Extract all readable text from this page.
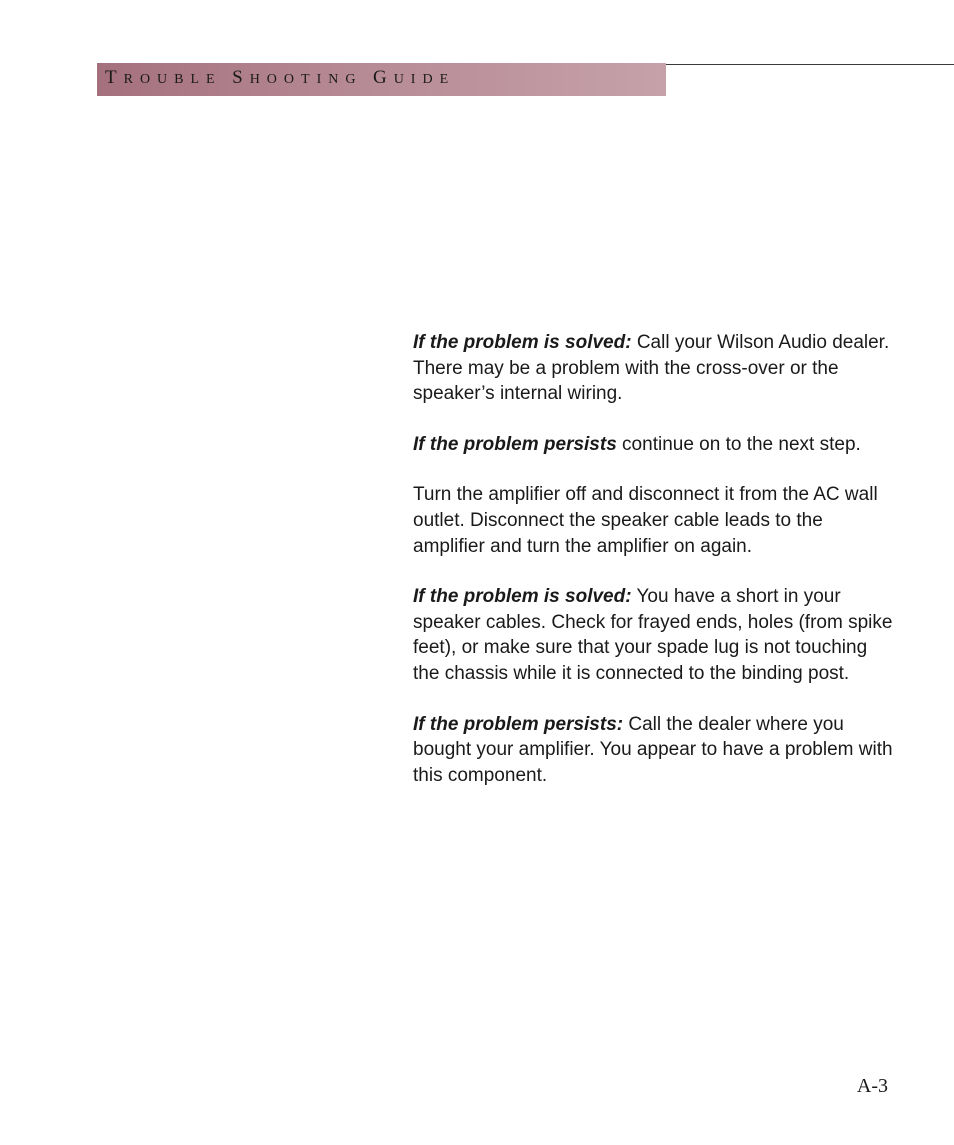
TROUBLE SHOOTING GUIDE

If the problem is solved: Call your Wilson Audio dealer. There may be a problem with the cross-over or the speaker’s internal wiring.

If the problem persists continue on to the next step.

Turn the amplifier off and disconnect it from the AC wall outlet. Disconnect the speaker cable leads to the amplifier and turn the amplifier on again.

If the problem is solved: You have a short in your speaker cables. Check for frayed ends, holes (from spike feet), or make sure that your spade lug is not touching the chassis while it is connected to the binding post.

If the problem persists: Call the dealer where you bought your amplifier. You appear to have a problem with this component.

A-3
